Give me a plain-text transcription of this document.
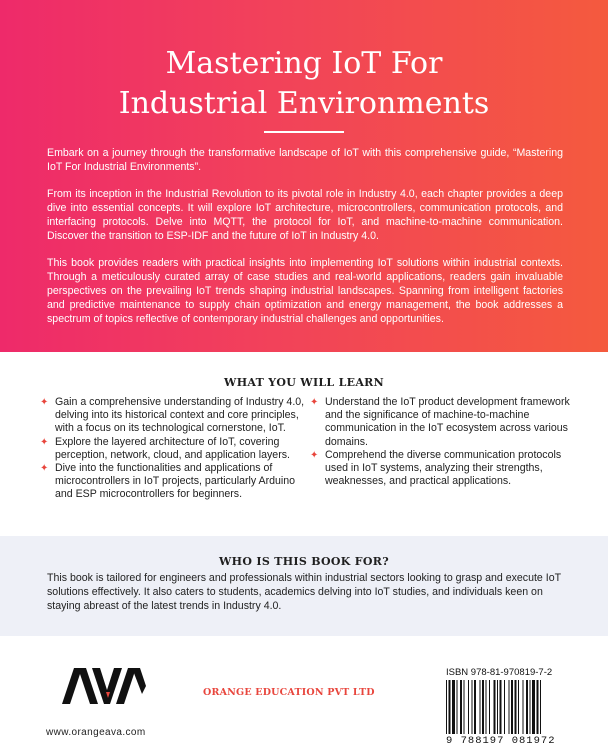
Mastering IoT For
Industrial Environments

Embark on a journey through the transformative landscape of IoT with this comprehensive guide, “Mastering IoT For Industrial Environments”.

From its inception in the Industrial Revolution to its pivotal role in Industry 4.0, each chapter provides a deep dive into essential concepts. It will explore IoT architecture, microcontrollers, communication protocols, and interfacing protocols. Delve into MQTT, the protocol for IoT, and machine-to-machine communication. Discover the transition to ESP-IDF and the future of IoT in Industry 4.0.

This book provides readers with practical insights into implementing IoT solutions within industrial contexts. Through a meticulously curated array of case studies and real-world applications, readers gain invaluable perspectives on the prevailing IoT trends shaping industrial landscapes. Spanning from intelligent factories and predictive maintenance to supply chain optimization and energy management, the book addresses a spectrum of topics reflective of contemporary industrial challenges and opportunities.

WHAT YOU WILL LEARN
✦ Gain a comprehensive understanding of Industry 4.0, delving into its historical context and core principles, with a focus on its technological cornerstone, IoT.
✦ Explore the layered architecture of IoT, covering perception, network, cloud, and application layers.
✦ Dive into the functionalities and applications of microcontrollers in IoT projects, particularly Arduino and ESP microcontrollers for beginners.
✦ Understand the IoT product development framework and the significance of machine-to-machine communication in the IoT ecosystem across various domains.
✦ Comprehend the diverse communication protocols used in IoT systems, analyzing their strengths, weaknesses, and practical applications.
WHO IS THIS BOOK FOR?
This book is tailored for engineers and professionals within industrial sectors looking to grasp and execute IoT solutions effectively. It also caters to students, academics delving into IoT studies, and individuals keen on staying abreast of the latest trends in Industry 4.0.
www.orangeava.com
ORANGE EDUCATION PVT LTD
ISBN 978-81-970819-7-2
9 788197 081972
